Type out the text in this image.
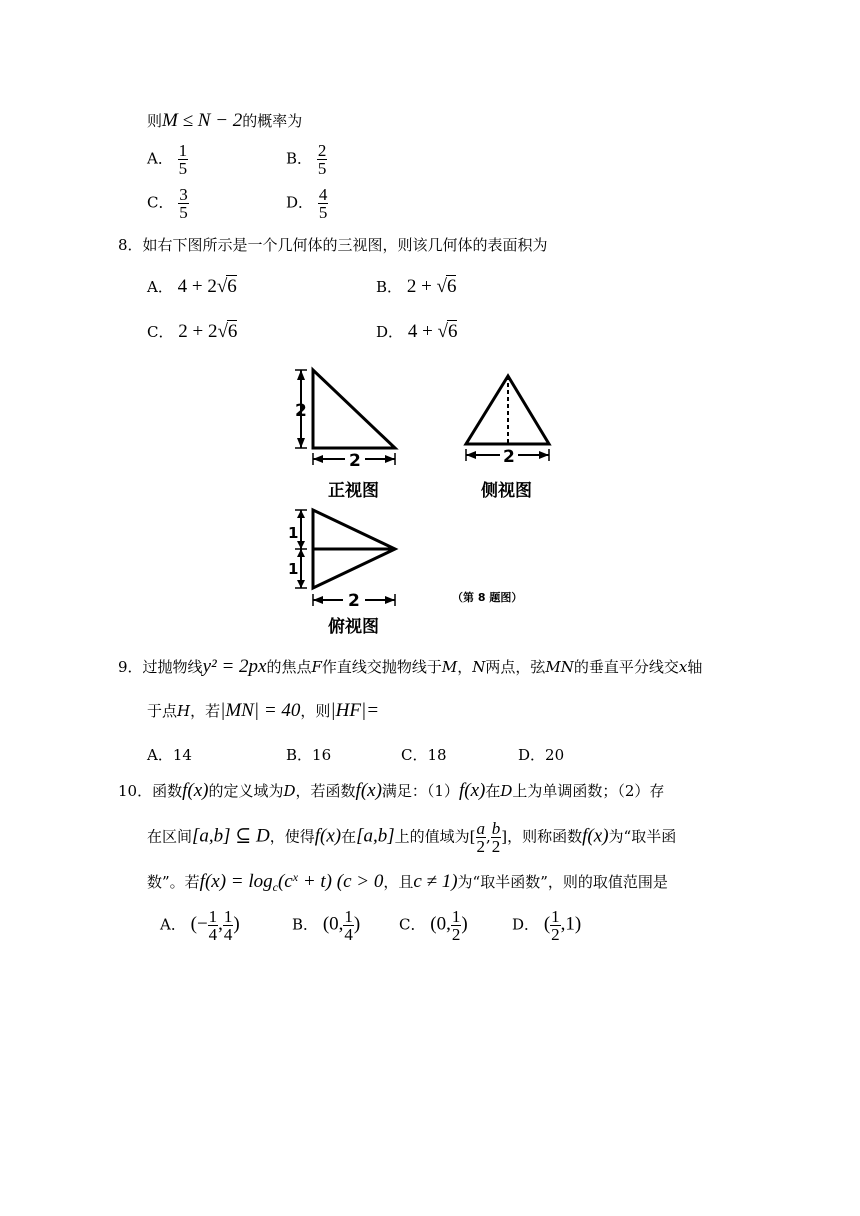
则M ≤ N − 2的概率为
A． $\frac{1}{5}$	B． $\frac{2}{5}$
C． $\frac{3}{5}$	D． $\frac{4}{5}$
8．如右下图所示是一个几何体的三视图，则该几何体的表面积为
A． 4 + 2√6	B． 2 + √6
C． 2 + 2√6	D． 4 + √6
2
2	2
1
1
2
正视图	侧视图
俯视图
（第 8 题图）
9．过抛物线y² = 2px的焦点F作直线交抛物线于M，N两点，弦MN的垂直平分线交x轴
于点H，若|MN| = 40，则|HF|=
A．14	B．16	C．18	D．20
10．函数f(x)的定义域为D，若函数f(x)满足：（1）f(x)在D上为单调函数；（2）存
在区间[a,b] ⊆ D，使得f(x)在[a,b]上的值域为[ $\frac{a}{2}$ , $\frac{b}{2}$ ]，则称函数f(x)为“取半函
数”。若$f(x) = \log_c(c^x + t) (c > 0$，且c ≠ 1)为“取半函数”，则的取值范围是
A． (− $\frac{1}{4}$ , $\frac{1}{4}$ )	B． (0, $\frac{1}{4}$ )	C． (0, $\frac{1}{2}$ )	D． ( $\frac{1}{2} ,1$)
